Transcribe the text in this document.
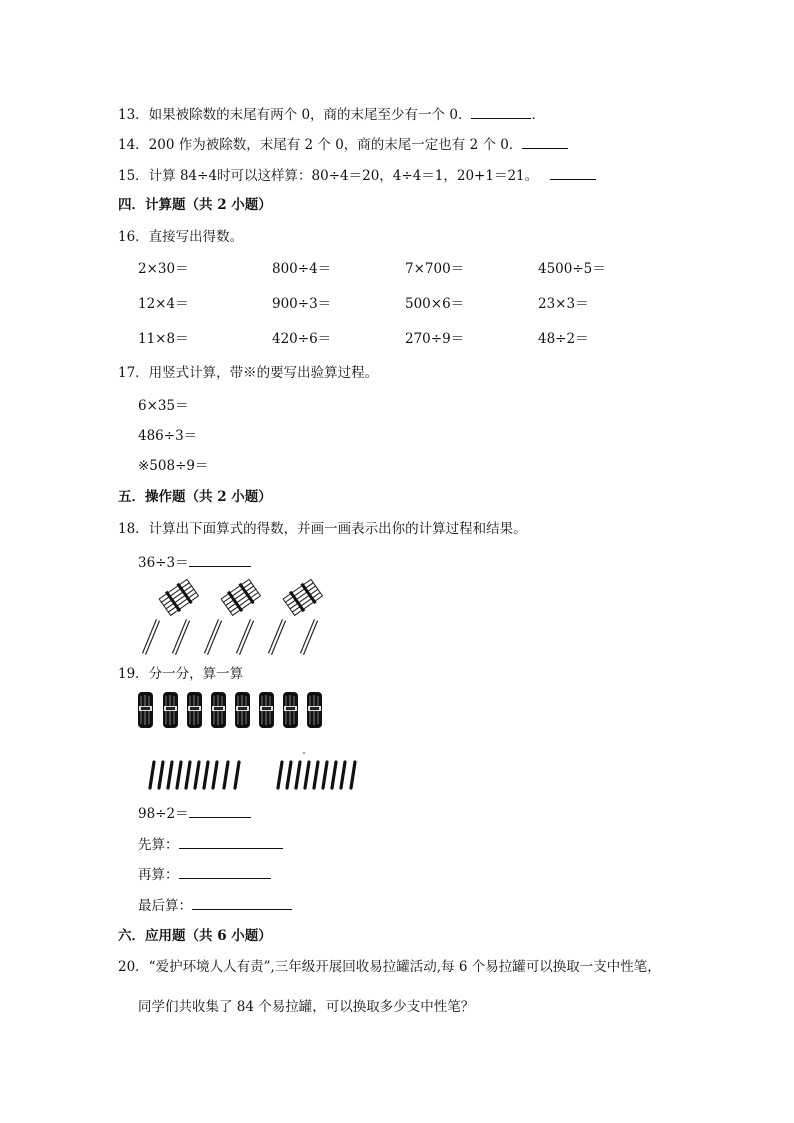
13．如果被除数的末尾有两个 0，商的末尾至少有一个 0．	．
14．200 作为被除数，末尾有 2 个 0，商的末尾一定也有 2 个 0．
15．计算 84÷4时可以这样算：80÷4＝20，4÷4＝1，20+1＝21。
四．计算题（共 2 小题）
16．直接写出得数。
2×30＝	800÷4＝	7×700＝	4500÷5＝
12×4＝	900÷3＝	500×6＝	23×3＝
11×8＝	420÷6＝	270÷9＝	48÷2＝
17．用竖式计算，带※的要写出验算过程。
6×35＝
486÷3＝
※508÷9＝
五．操作题（共 2 小题）
18．计算出下面算式的得数，并画一画表示出你的计算过程和结果。
36÷3＝
19．分一分，算一算
98÷2＝
先算：
再算：
最后算：
六．应用题（共 6 小题）
20．“爱护环境人人有责”,三年级开展回收易拉罐活动,每 6 个易拉罐可以换取一支中性笔，
同学们共收集了 84 个易拉罐，可以换取多少支中性笔？
